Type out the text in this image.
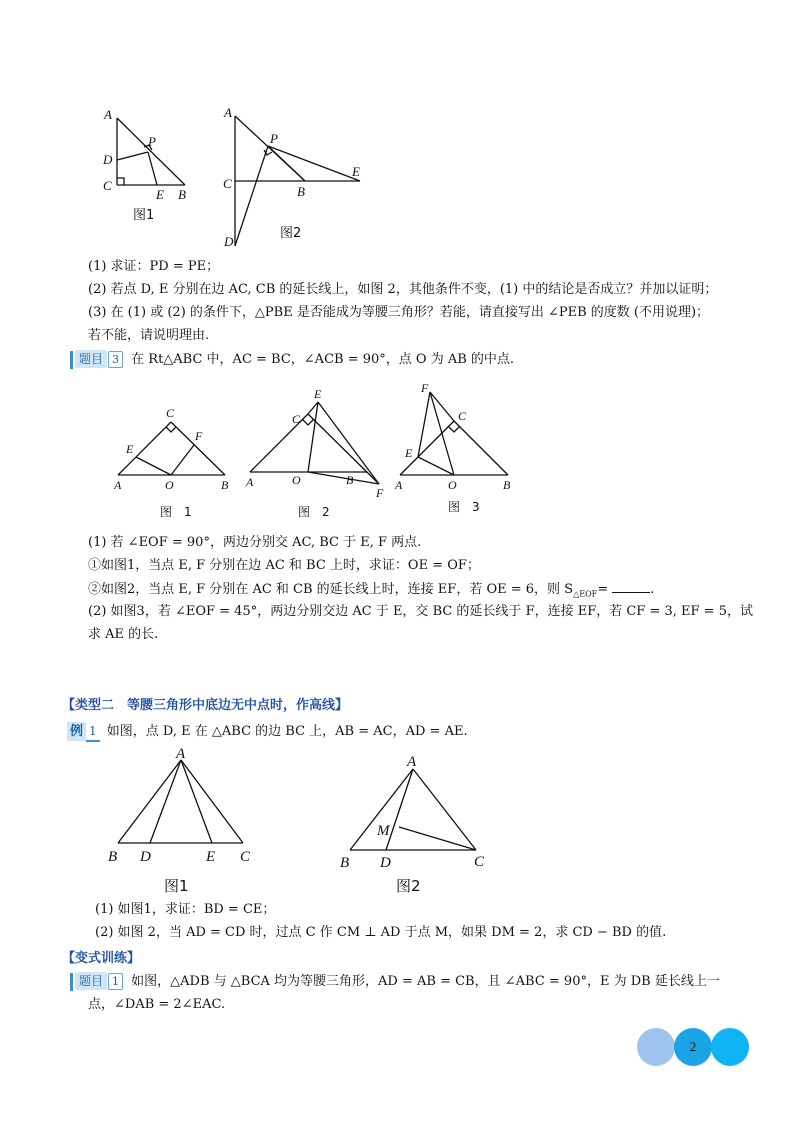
A
P
D
C
E B
图1
A
P
C
B
E
D
图2
(1) 求证：PD = PE；
(2) 若点 D, E 分别在边 AC, CB 的延长线上，如图 2，其他条件不变，(1) 中的结论是否成立？并加以证明；
(3) 在 (1) 或 (2) 的条件下，△PBE 是否能成为等腰三角形？若能，请直接写出 ∠PEB 的度数 (不用说理)；
若不能，请说明理由.
题目 3 在 Rt△ABC 中，AC = BC，∠ACB = 90°，点 O 为 AB 的中点.
C
E
F
A	O	B
图　1
E
C
A	O	B
F
图　2
F
C
E
A	O	B
图　3
(1) 若 ∠EOF = 90°，两边分别交 AC, BC 于 E, F 两点.
①如图1，当点 E, F 分别在边 AC 和 BC 上时，求证：OE = OF；
②如图2，当点 E, F 分别在 AC 和 CB 的延长线上时，连接 EF，若 OE = 6，则 $S_{\triangle EOF}=$	.
(2) 如图3，若 ∠EOF = 45°，两边分别交边 AC 于 E，交 BC 的延长线于 F，连接 EF，若 CF = 3, EF = 5，试
求 AE 的长.
【类型二　等腰三角形中底边无中点时，作高线】
例 1 如图，点 D, E 在 △ABC 的边 BC 上，AB = AC，AD = AE.
A
B D	E C
图1
A
M
B D	C
图2
(1) 如图1，求证：BD = CE；
(2) 如图 2，当 AD = CD 时，过点 C 作 CM ⊥ AD 于点 M，如果 DM = 2，求 CD − BD 的值.
【变式训练】
题目 1 如图，△ADB 与 △BCA 均为等腰三角形，AD = AB = CB，且 ∠ABC = 90°，E 为 DB 延长线上一
点，∠DAB = 2∠EAC.
2
